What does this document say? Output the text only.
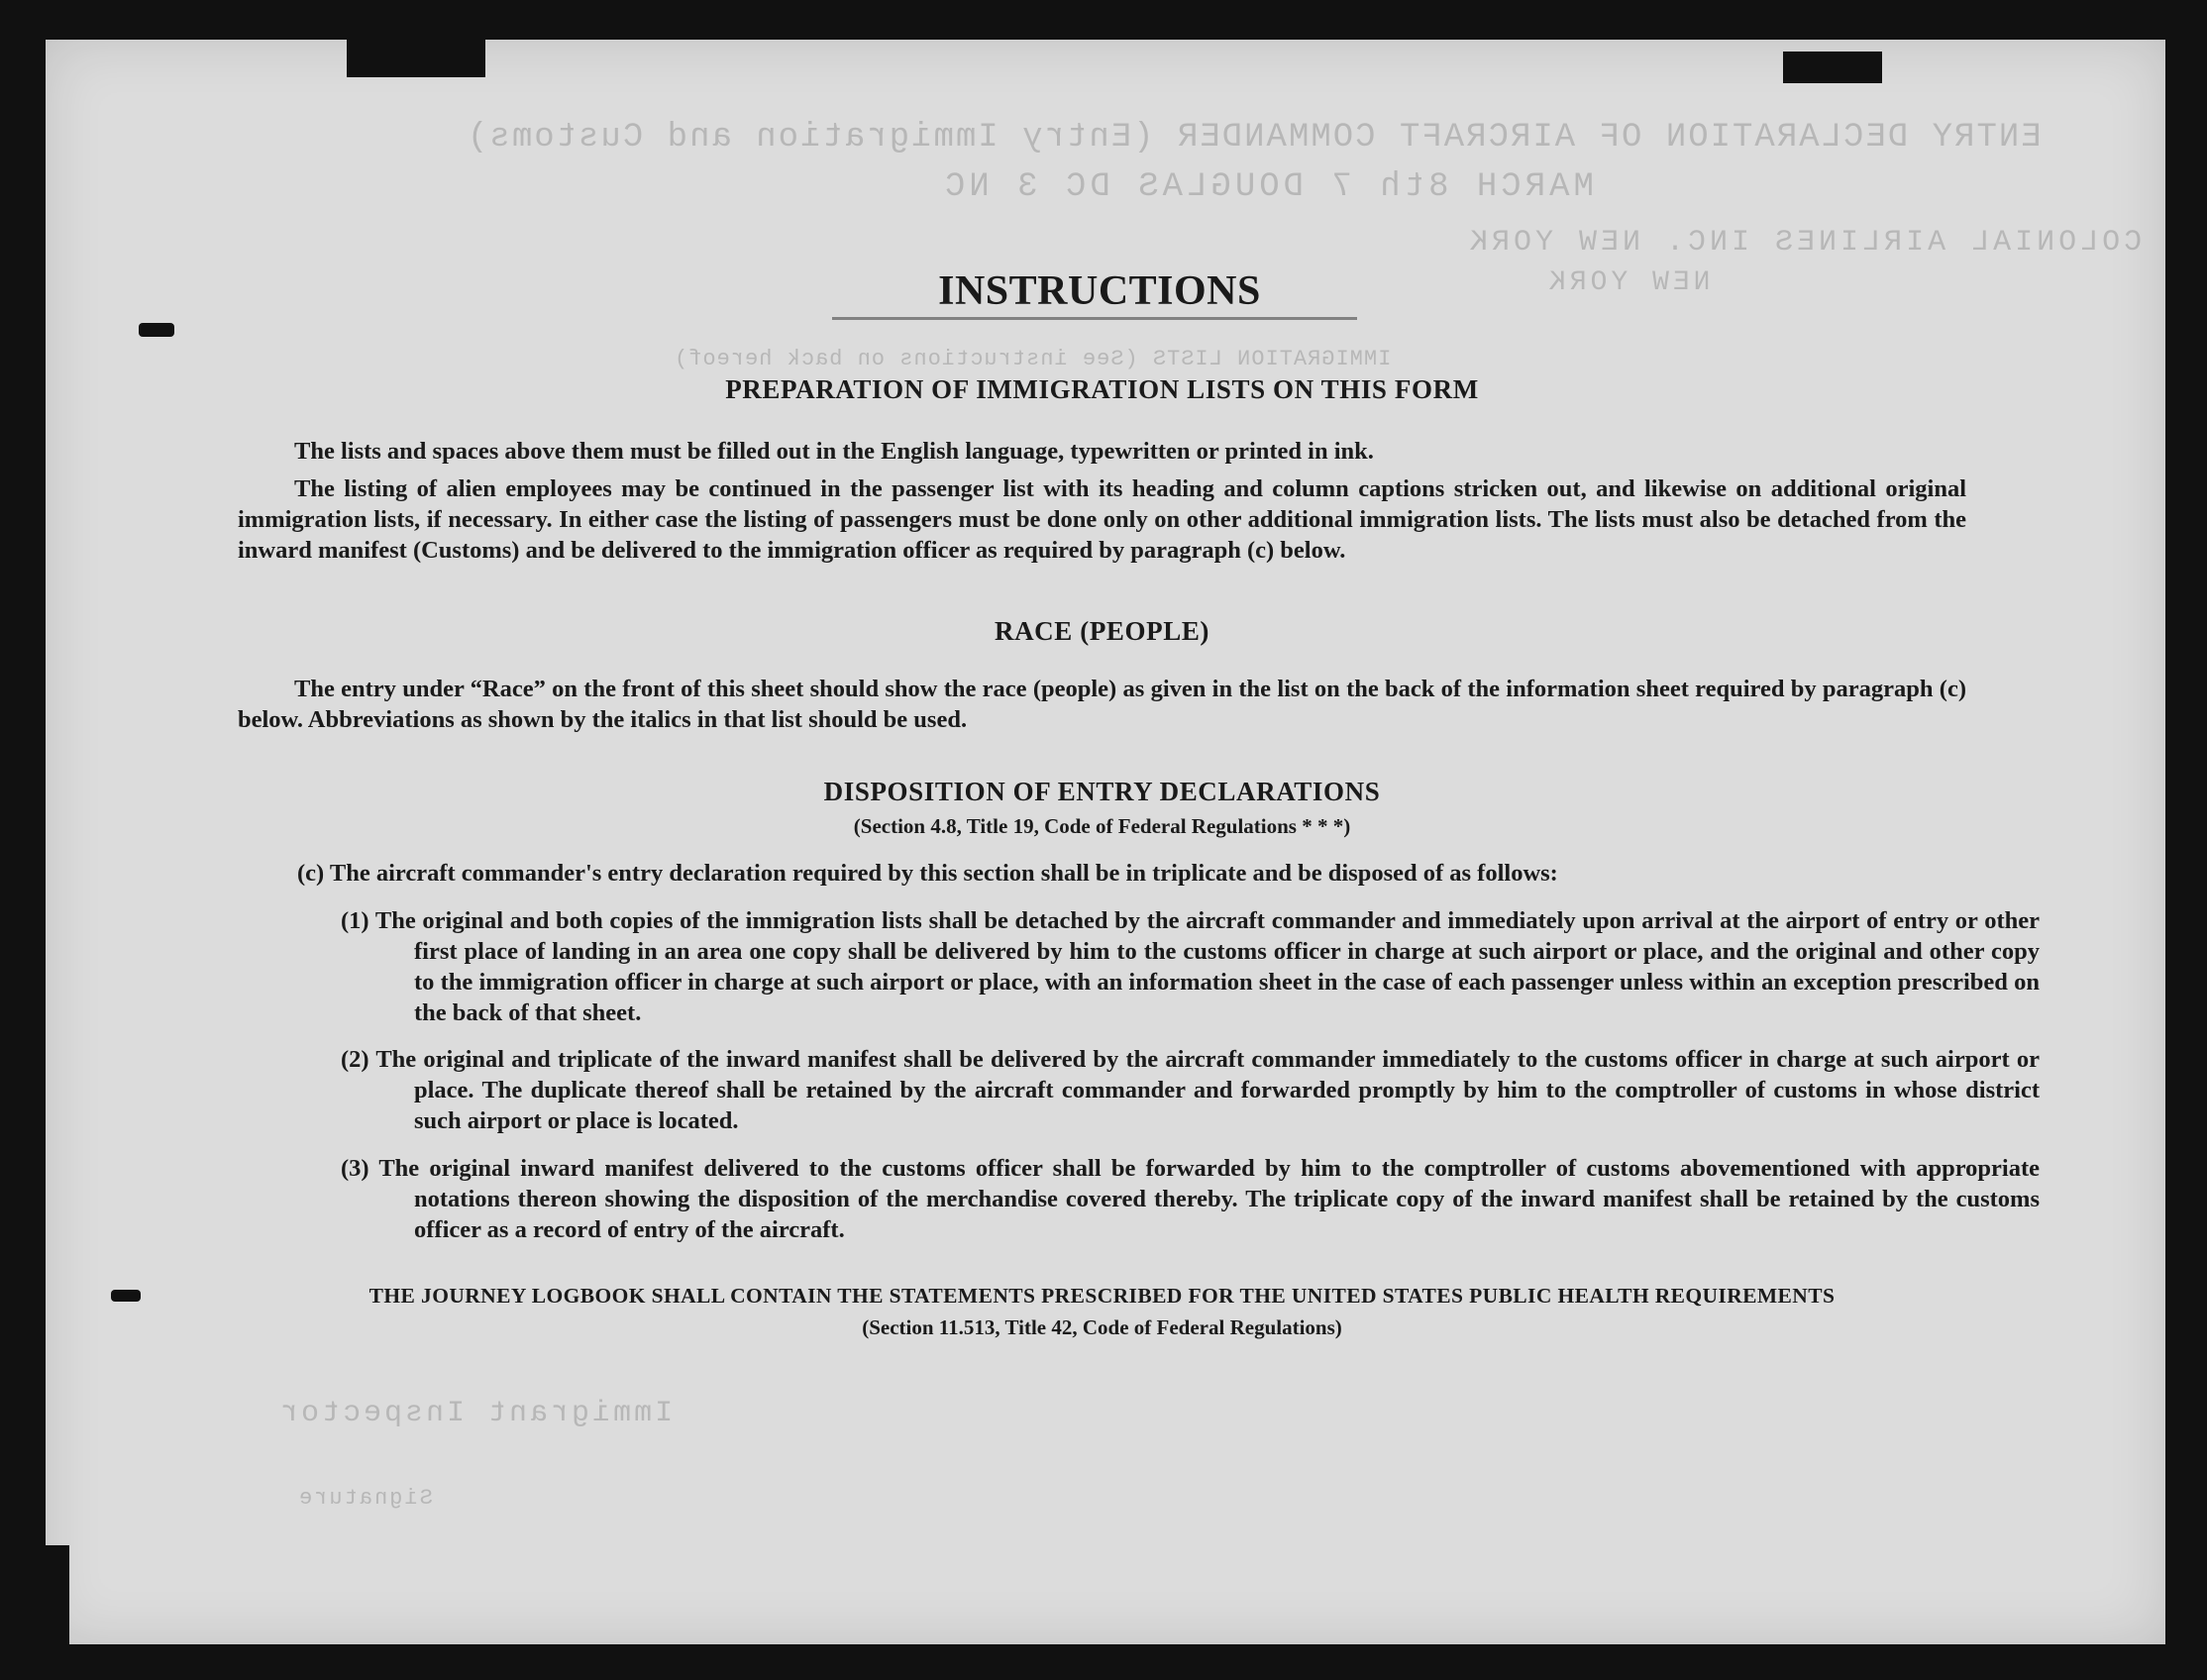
ENTRY DECLARATION OF AIRCRAFT COMMANDER (Entry Immigration and Customs)
MARCH 8th 7 DOUGLAS DC 3 NC
COLONIAL AIRLINES INC. NEW YORK
NEW YORK
IMMIGRATION LISTS (See instructions on back hereof)
Immigrant Inspector
Signature
INSTRUCTIONS
PREPARATION OF IMMIGRATION LISTS ON THIS FORM
The lists and spaces above them must be filled out in the English language, typewritten or printed in ink.
The listing of alien employees may be continued in the passenger list with its heading and column captions stricken out, and likewise on additional original immigration lists, if necessary. In either case the listing of passengers must be done only on other additional immigration lists. The lists must also be detached from the inward manifest (Customs) and be delivered to the immigration officer as required by paragraph (c) below.
RACE (PEOPLE)
The entry under “Race” on the front of this sheet should show the race (people) as given in the list on the back of the information sheet required by paragraph (c) below. Abbreviations as shown by the italics in that list should be used.
DISPOSITION OF ENTRY DECLARATIONS
(Section 4.8, Title 19, Code of Federal Regulations * * *)
(c) The aircraft commander's entry declaration required by this section shall be in triplicate and be disposed of as follows:
(1) The original and both copies of the immigration lists shall be detached by the aircraft commander and immediately upon arrival at the airport of entry or other first place of landing in an area one copy shall be delivered by him to the customs officer in charge at such airport or place, and the original and other copy to the immigration officer in charge at such airport or place, with an information sheet in the case of each passenger unless within an exception prescribed on the back of that sheet.
(2) The original and triplicate of the inward manifest shall be delivered by the aircraft commander immediately to the customs officer in charge at such airport or place. The duplicate thereof shall be retained by the aircraft commander and forwarded promptly by him to the comptroller of customs in whose district such airport or place is located.
(3) The original inward manifest delivered to the customs officer shall be forwarded by him to the comptroller of customs abovementioned with appropriate notations thereon showing the disposition of the merchandise covered thereby. The triplicate copy of the inward manifest shall be retained by the customs officer as a record of entry of the aircraft.
THE JOURNEY LOGBOOK SHALL CONTAIN THE STATEMENTS PRESCRIBED FOR THE UNITED STATES PUBLIC HEALTH REQUIREMENTS
(Section 11.513, Title 42, Code of Federal Regulations)
